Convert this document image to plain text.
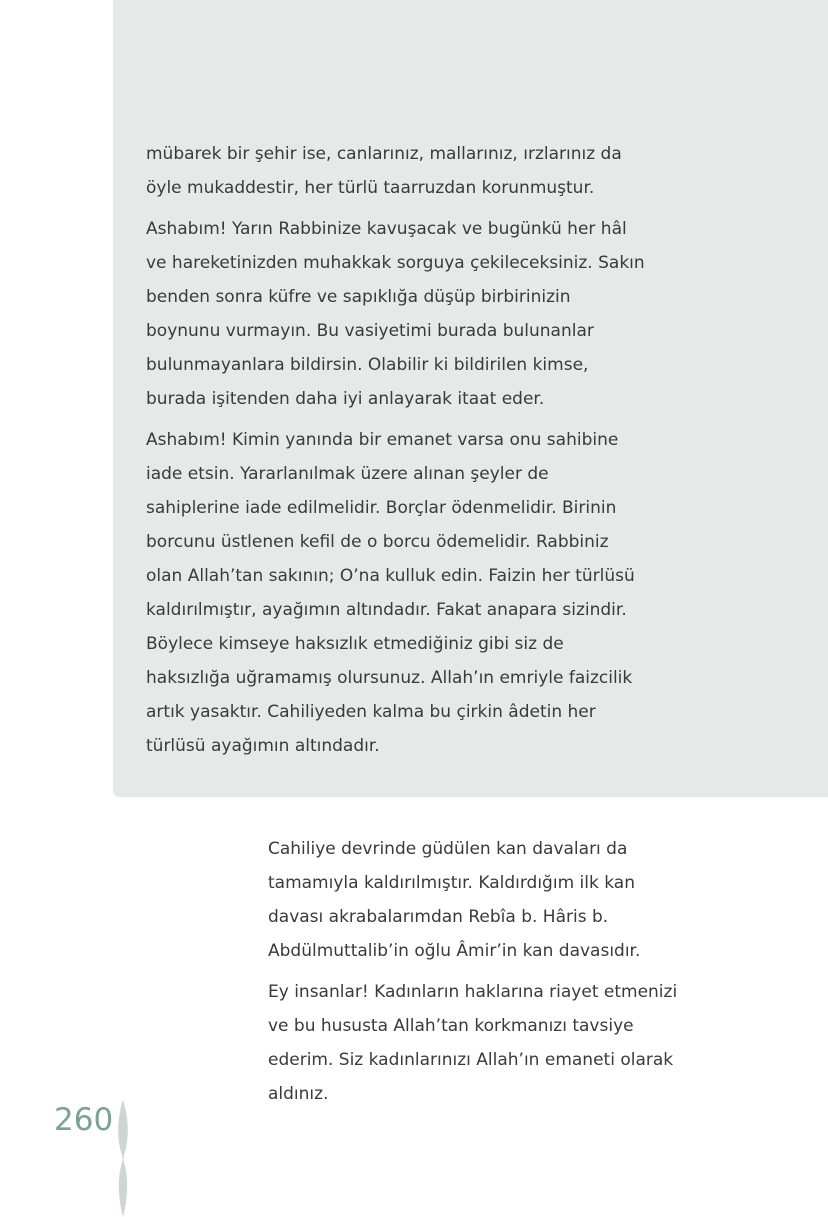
mübarek bir şehir ise, canlarınız, mallarınız, ırzlarınız da öyle mukaddestir, her türlü taarruzdan korunmuştur.

Ashabım! Yarın Rabbinize kavuşacak ve bugünkü her hâl ve hareketinizden muhakkak sorguya çekileceksiniz. Sakın benden sonra küfre ve sapıklığa düşüp birbirinizin boynunu vurmayın. Bu vasiyetimi burada bulunanlar bulunmayanlara bildirsin. Olabilir ki bildirilen kimse, burada işitenden daha iyi anlayarak itaat eder.

Ashabım! Kimin yanında bir emanet varsa onu sahibine iade etsin. Yararlanılmak üzere alınan şeyler de sahiplerine iade edilmelidir. Borçlar ödenmelidir. Birinin borcunu üstlenen kefil de o borcu ödemelidir. Rabbiniz olan Allah’tan sakının; O’na kulluk edin. Faizin her türlüsü kaldırılmıştır, ayağımın altındadır. Fakat anapara sizindir. Böylece kimseye haksızlık etmediğiniz gibi siz de haksızlığa uğramamış olursunuz. Allah’ın emriyle faizcilik artık yasaktır. Cahiliyeden kalma bu çirkin âdetin her türlüsü ayağımın altındadır.

Cahiliye devrinde güdülen kan davaları da tamamıyla kaldırılmıştır. Kaldırdığım ilk kan davası akrabalarımdan Rebîa b. Hâris b. Abdülmuttalib’in oğlu Âmir’in kan davasıdır.

Ey insanlar! Kadınların haklarına riayet etmenizi ve bu hususta Allah’tan korkmanızı tavsiye ederim. Siz kadınlarınızı Allah’ın emaneti olarak aldınız.

260
